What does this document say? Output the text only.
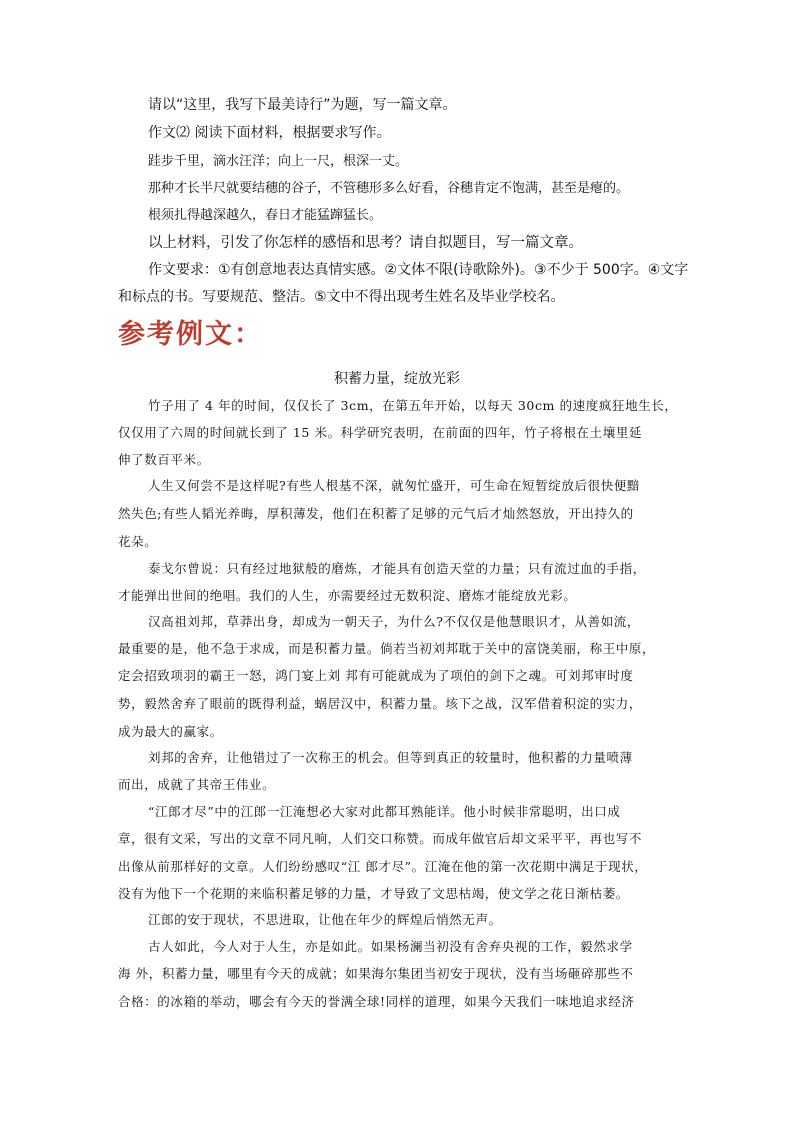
请以“这里，我写下最美诗行”为题，写一篇文章。
作文⑵ 阅读下面材料，根据要求写作。
跬步千里，滴水汪洋；向上一尺，根深一丈。
那种才长半尺就要结穗的谷子，不管穗形多么好看，谷穗肯定不饱满，甚至是瘪的。
根须扎得越深越久，春日才能猛蹿猛长。
以上材料，引发了你怎样的感悟和思考？请自拟题目，写一篇文章。
作文要求：①有创意地表达真情实感。②文体不限(诗歌除外)。③不少于 500字。④文字
和标点的书。写要规范、整洁。⑤文中不得出现考生姓名及毕业学校名。
参考例文：
积蓄力量，绽放光彩
竹子用了 4 年的时间，仅仅长了 3cm，在第五年开始，以每天 30cm 的速度疯狂地生长，
仅仅用了六周的时间就长到了 15 米。科学研究表明，在前面的四年，竹子将根在土壤里延
伸了数百平米。
人生又何尝不是这样呢?有些人根基不深，就匆忙盛开，可生命在短暂绽放后很快便黯
然失色;有些人韬光养晦，厚积薄发，他们在积蓄了足够的元气后才灿然怒放，开出持久的
花朵。
泰戈尔曾说：只有经过地狱般的磨炼，才能具有创造天堂的力量；只有流过血的手指，
才能弹出世间的绝唱。我们的人生，亦需要经过无数积淀、磨炼才能绽放光彩。
汉高祖刘邦，草莽出身，却成为一朝天子，为什么?不仅仅是他慧眼识才，从善如流，
最重要的是，他不急于求成，而是积蓄力量。倘若当初刘邦耽于关中的富饶美丽，称王中原，
定会招致项羽的霸王一怒，鸿门宴上刘 邦有可能就成为了项伯的剑下之魂。可刘邦审时度
势，毅然舍弃了眼前的既得利益，蜗居汉中，积蓄力量。垓下之战，汉军借着积淀的实力，
成为最大的赢家。
刘邦的舍弃，让他错过了一次称王的机会。但等到真正的较量时，他积蓄的力量喷薄
而出，成就了其帝王伟业。
“江郎才尽”中的江郎一江淹想必大家对此都耳熟能详。他小时候非常聪明，出口成
章，很有文采，写出的文章不同凡响，人们交口称赞。而成年做官后却文采平平，再也写不
出像从前那样好的文章。人们纷纷感叹“江 郎才尽”。江淹在他的第一次花期中满足于现状，
没有为他下一个花期的来临积蓄足够的力量，才导致了文思枯竭，使文学之花日渐枯萎。
江郎的安于现状，不思进取，让他在年少的辉煌后悄然无声。
古人如此，今人对于人生，亦是如此。如果杨澜当初没有舍弃央视的工作，毅然求学
海 外，积蓄力量，哪里有今天的成就；如果海尔集团当初安于现状，没有当场砸碎那些不
合格：的冰箱的举动，哪会有今天的誉满全球!同样的道理，如果今天我们一味地追求经济
